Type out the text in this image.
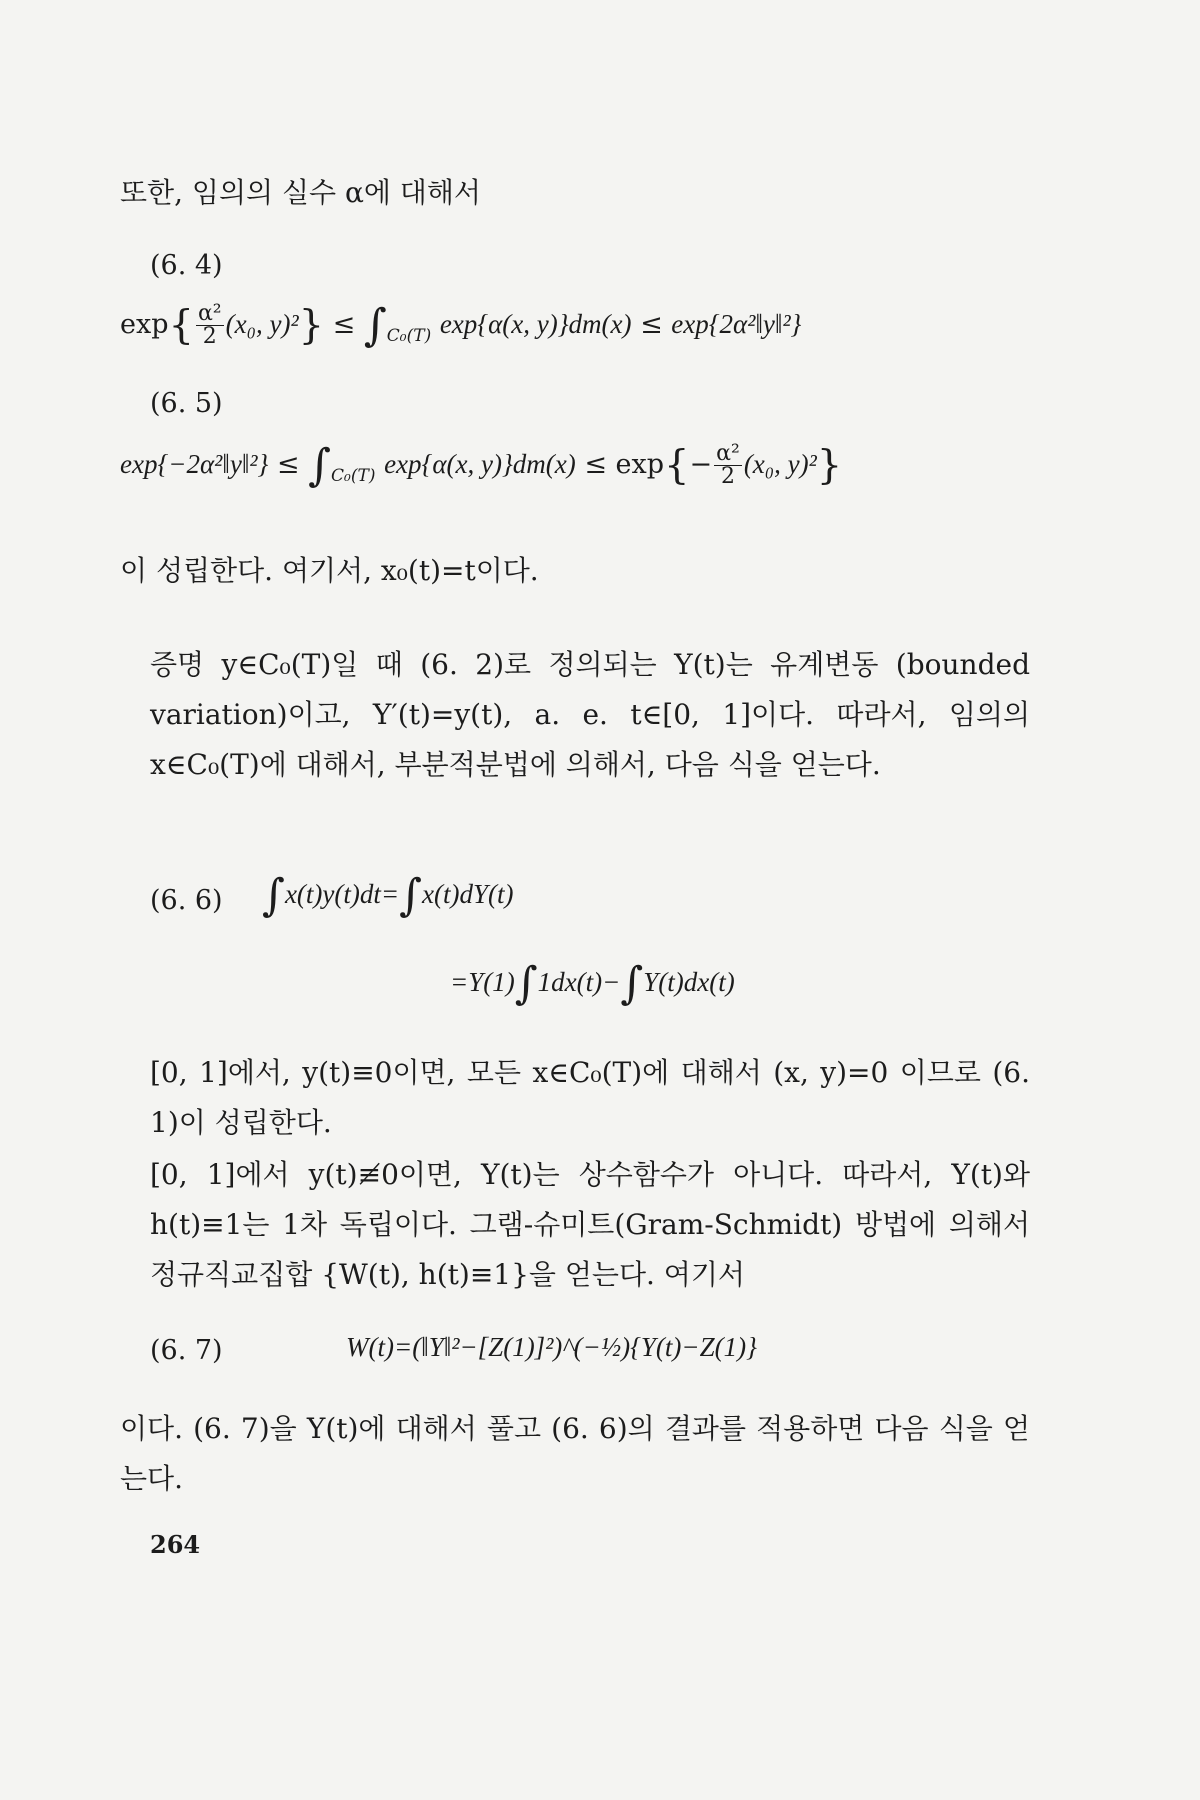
또한, 임의의 실수 α에 대해서
(6. 4)
$\exp\{ \frac{\text{α²}}{2} (x_0$, $y)^2\} \le \int_{C_0(T)}$ exp{α(x, y)}dm(x) ≤ exp{2α²‖y‖²}
(6. 5)
exp{−2α²‖y‖²} ≤ $\int_{C_0(T)}$ exp{α(x, $y)\}dm(x) \le \exp\{- \frac{\text{α²}}{2} (x_0$, y)²}
이 성립한다. 여기서, x₀(t)=t이다.
증명 y∈C₀(T)일 때 (6. 2)로 정의되는 Y(t)는 유계변동 (bounded variation)이고, Y′(t)=y(t), a. e. t∈[0, 1]이다. 따라서, 임의의 x∈C₀(T)에 대해서, 부분적분법에 의해서, 다음 식을 얻는다.
(6. 6) ∫x(t)y(t)dt=∫x(t)dY(t)
=Y(1)∫1dx(t)−∫Y(t)dx(t)
[0, 1]에서, y(t)≡0이면, 모든 x∈C₀(T)에 대해서 (x, y)=0 이므로 (6. 1)이 성립한다.
[0, 1]에서 y(t)≢0이면, Y(t)는 상수함수가 아니다. 따라서, Y(t)와 h(t)≡1는 1차 독립이다. 그램-슈미트(Gram-Schmidt) 방법에 의해서 정규직교집합 {W(t), h(t)≡1}을 얻는다. 여기서
(6. 7)	W(t)=(‖Y‖²−[Z(1)]²)^(−½){Y(t)−Z(1)}
이다. (6. 7)을 Y(t)에 대해서 풀고 (6. 6)의 결과를 적용하면 다음 식을 얻는다.
264
